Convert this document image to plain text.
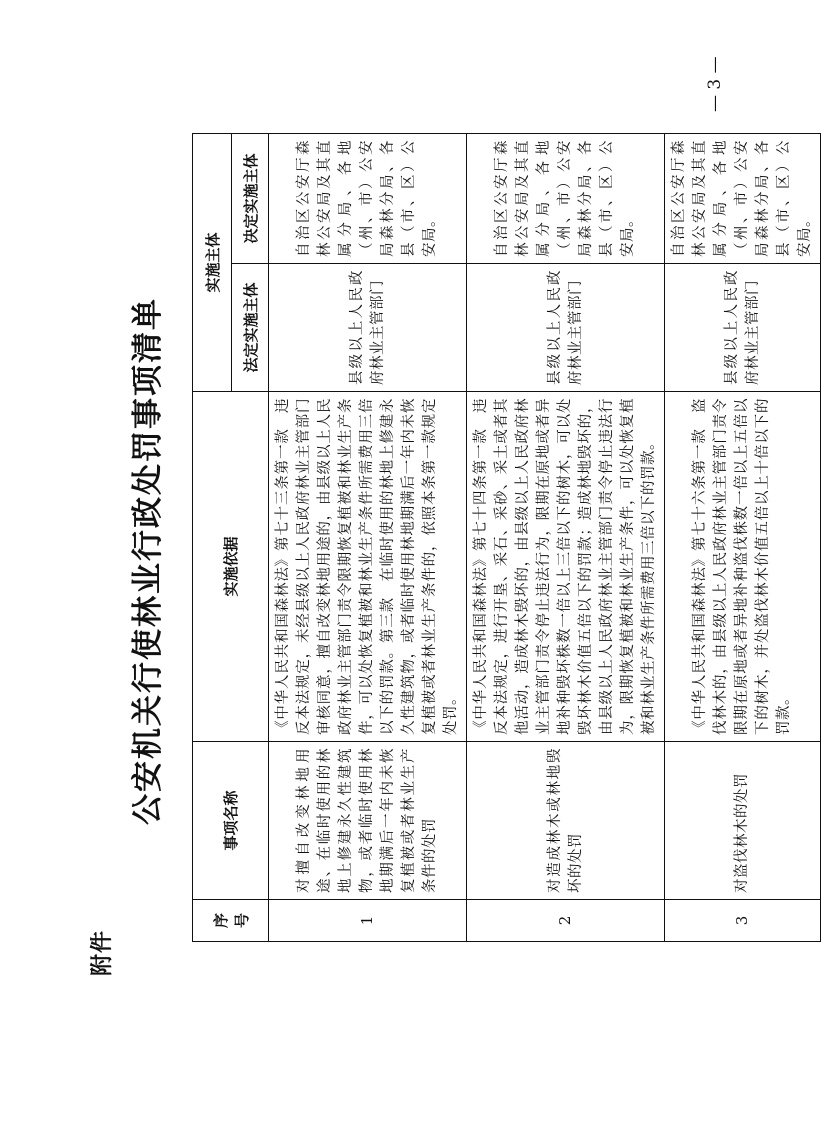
附件
公安机关行使林业行政处罚事项清单
序号	事项名称	实施依据	实施主体	
			法定实施主体	决定实施主体
1	对擅自改变林地用途、在临时使用的林地上修建永久性建筑物，或者临时使用林地期满后一年内未恢复植被或者林业生产条件的处罚	《中华人民共和国森林法》第七十三条第一款　违反本法规定，未经县级以上人民政府林业主管部门审核同意，擅自改变林地用途的，由县级以上人民政府林业主管部门责令限期恢复植被和林业生产条件，可以处恢复植被和林业生产条件所需费用三倍以下的罚款。第三款　在临时使用的林地上修建永久性建筑物，或者临时使用林地期满后一年内未恢复植被或者林业生产条件的，依照本条第一款规定处罚。	县级以上人民政府林业主管部门	自治区公安厅森林公安局及其直属分局、各地（州、市）公安局森林分局、各县（市、区）公安局。
2	对造成林木或林地毁坏的处罚	《中华人民共和国森林法》第七十四条第一款　违反本法规定，进行开垦、采石、采砂、采土或者其他活动，造成林木毁坏的，由县级以上人民政府林业主管部门责令停止违法行为，限期在原地或者异地补种毁坏株数一倍以上三倍以下的树木，可以处毁坏林木价值五倍以下的罚款；造成林地毁坏的，由县级以上人民政府林业主管部门责令停止违法行为，限期恢复植被和林业生产条件，可以处恢复植被和林业生产条件所需费用三倍以下的罚款。	县级以上人民政府林业主管部门	自治区公安厅森林公安局及其直属分局、各地（州、市）公安局森林分局、各县（市、区）公安局。
3	对盗伐林木的处罚	《中华人民共和国森林法》第七十六条第一款　盗伐林木的，由县级以上人民政府林业主管部门责令限期在原地或者异地补种盗伐株数一倍以上五倍以下的树木，并处盗伐林木价值五倍以上十倍以下的罚款。	县级以上人民政府林业主管部门	自治区公安厅森林公安局及其直属分局、各地（州、市）公安局森林分局、各县（市、区）公安局。
— 3 —
